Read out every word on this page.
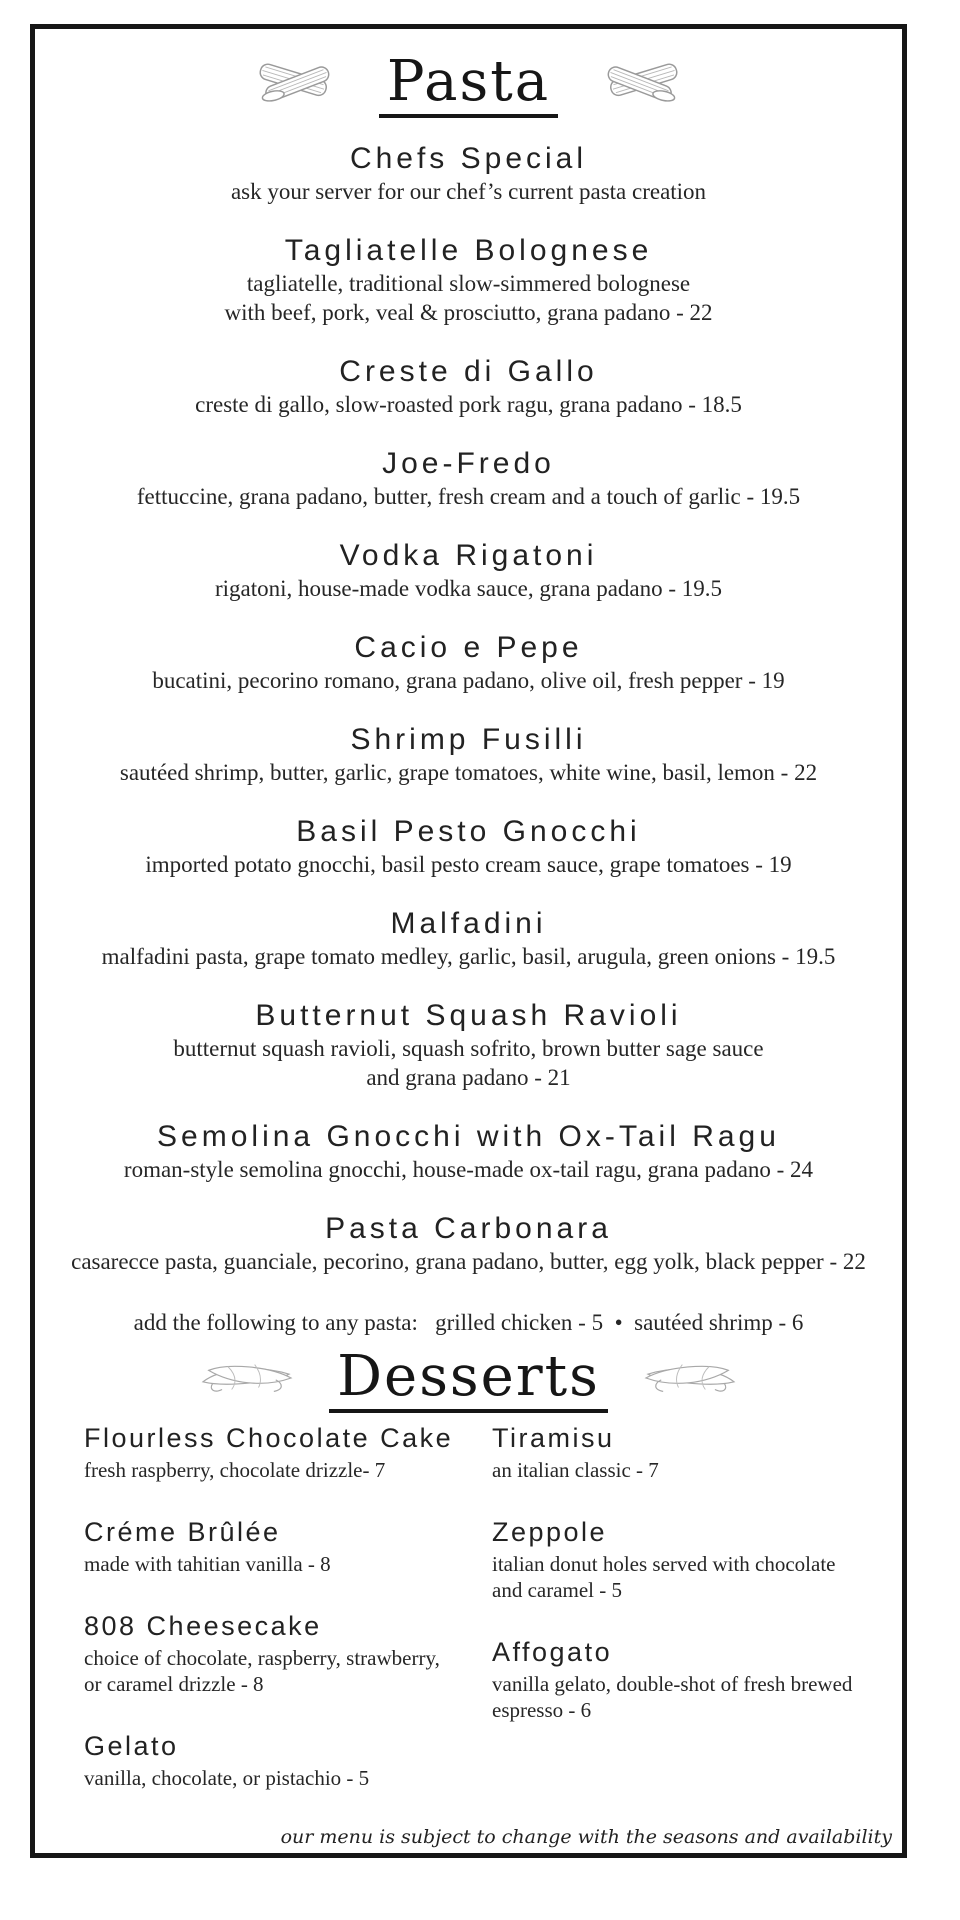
Pasta
Chefs Special
ask your server for our chef’s current pasta creation
Tagliatelle Bolognese
tagliatelle, traditional slow-simmered bolognese
with beef, pork, veal & prosciutto, grana padano - 22
Creste di Gallo
creste di gallo, slow-roasted pork ragu, grana padano - 18.5
Joe-Fredo
fettuccine, grana padano, butter, fresh cream and a touch of garlic - 19.5
Vodka Rigatoni
rigatoni, house-made vodka sauce, grana padano - 19.5
Cacio e Pepe
bucatini, pecorino romano, grana padano, olive oil, fresh pepper - 19
Shrimp Fusilli
sautéed shrimp, butter, garlic, grape tomatoes, white wine, basil, lemon - 22
Basil Pesto Gnocchi
imported potato gnocchi, basil pesto cream sauce, grape tomatoes - 19
Malfadini
malfadini pasta, grape tomato medley, garlic, basil, arugula, green onions - 19.5
Butternut Squash Ravioli
butternut squash ravioli, squash sofrito, brown butter sage sauce
and grana padano - 21
Semolina Gnocchi with Ox-Tail Ragu
roman-style semolina gnocchi, house-made ox-tail ragu, grana padano - 24
Pasta Carbonara
casarecce pasta, guanciale, pecorino, grana padano, butter, egg yolk, black pepper - 22
add the following to any pasta:   grilled chicken - 5  •  sautéed shrimp - 6
Desserts
Flourless Chocolate Cake
fresh raspberry, chocolate drizzle- 7
Créme Brûlée
made with tahitian vanilla - 8
808 Cheesecake
choice of chocolate, raspberry, strawberry,
or caramel drizzle - 8
Gelato
vanilla, chocolate, or pistachio - 5
Tiramisu
an italian classic - 7
Zeppole
italian donut holes served with chocolate
and caramel - 5
Affogato
vanilla gelato, double-shot of fresh brewed
espresso - 6
our menu is subject to change with the seasons and availability
